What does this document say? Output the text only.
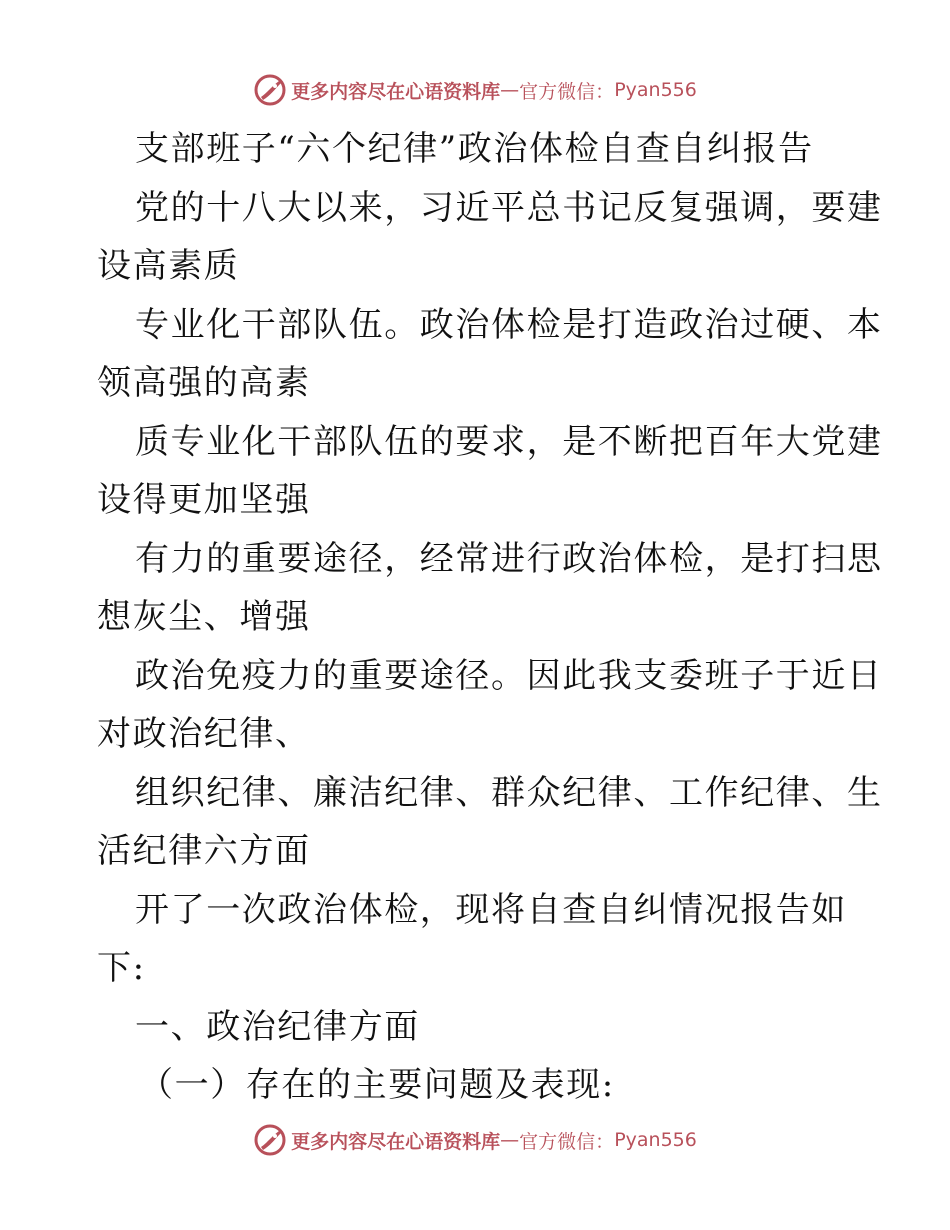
更多内容尽在心语资料库 — 官方微信： Pyan556
支部班子“六个纪律”政治体检自查自纠报告
党的十八大以来，习近平总书记反复强调，要建
设高素质
专业化干部队伍。政治体检是打造政治过硬、本
领高强的高素
质专业化干部队伍的要求，是不断把百年大党建
设得更加坚强
有力的重要途径，经常进行政治体检，是打扫思
想灰尘、增强
政治免疫力的重要途径。因此我支委班子于近日
对政治纪律、
组织纪律、廉洁纪律、群众纪律、工作纪律、生
活纪律六方面
开了一次政治体检，现将自查自纠情况报告如
下:
一、政治纪律方面
（一）存在的主要问题及表现:
更多内容尽在心语资料库 — 官方微信： Pyan556
